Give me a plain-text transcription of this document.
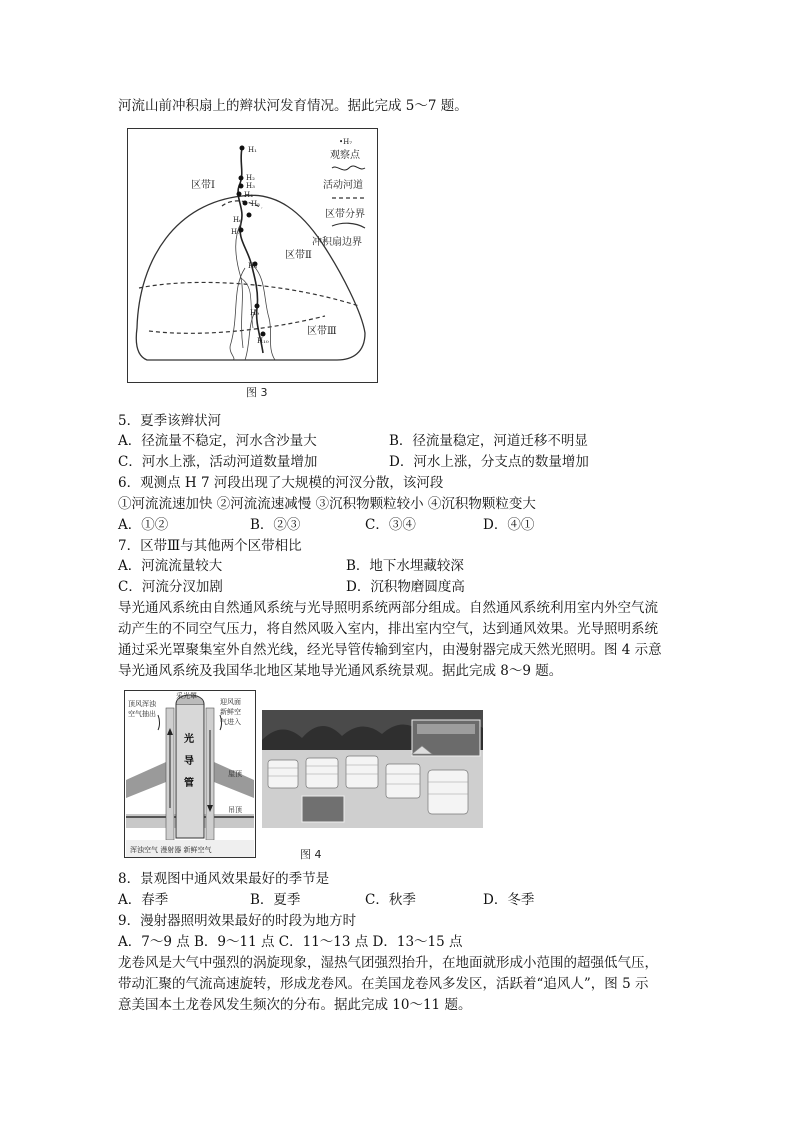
河流山前冲积扇上的辫状河发育情况。据此完成 5～7 题。
H₁
H₂
H₃
H₄
H₅
H₆
H₇
H₈
H₉
H₁₀
区带Ⅰ
区带Ⅱ
区带Ⅲ
•H₇
观察点
活动河道
区带分界
冲积扇边界
图 3
5．夏季该辫状河
A．径流量不稳定，河水含沙量大	B．径流量稳定，河道迁移不明显
C．河水上涨，活动河道数量增加	D．河水上涨，分支点的数量增加
6．观测点 H 7 河段出现了大规模的河汊分散，该河段
①河流流速加快 ②河流流速减慢 ③沉积物颗粒较小 ④沉积物颗粒变大
A．①②	B．②③	C．③④	D．④①
7．区带Ⅲ与其他两个区带相比
A．河流流量较大	B．地下水埋藏较深
C．河流分汊加剧	D．沉积物磨圆度高
导光通风系统由自然通风系统与光导照明系统两部分组成。自然通风系统利用室内外空气流
动产生的不同空气压力，将自然风吸入室内，排出室内空气，达到通风效果。光导照明系统
通过采光罩聚集室外自然光线，经光导管传输到室内，由漫射器完成天然光照明。图 4 示意
导光通风系统及我国华北地区某地导光通风系统景观。据此完成 8～9 题。
采光罩
顶风浑浊
空气抽出
迎风面
新鲜空
气进入
光
导
管
屋顶
吊顶
浑浊空气 漫射器 新鲜空气	图 4
8．景观图中通风效果最好的季节是
A．春季	B．夏季	C．秋季	D．冬季
9．漫射器照明效果最好的时段为地方时
A．7～9 点 B．9～11 点 C．11～13 点 D．13～15 点
龙卷风是大气中强烈的涡旋现象，湿热气团强烈抬升，在地面就形成小范围的超强低气压，
带动汇聚的气流高速旋转，形成龙卷风。在美国龙卷风多发区，活跃着“追风人”，图 5 示
意美国本土龙卷风发生频次的分布。据此完成 10～11 题。
